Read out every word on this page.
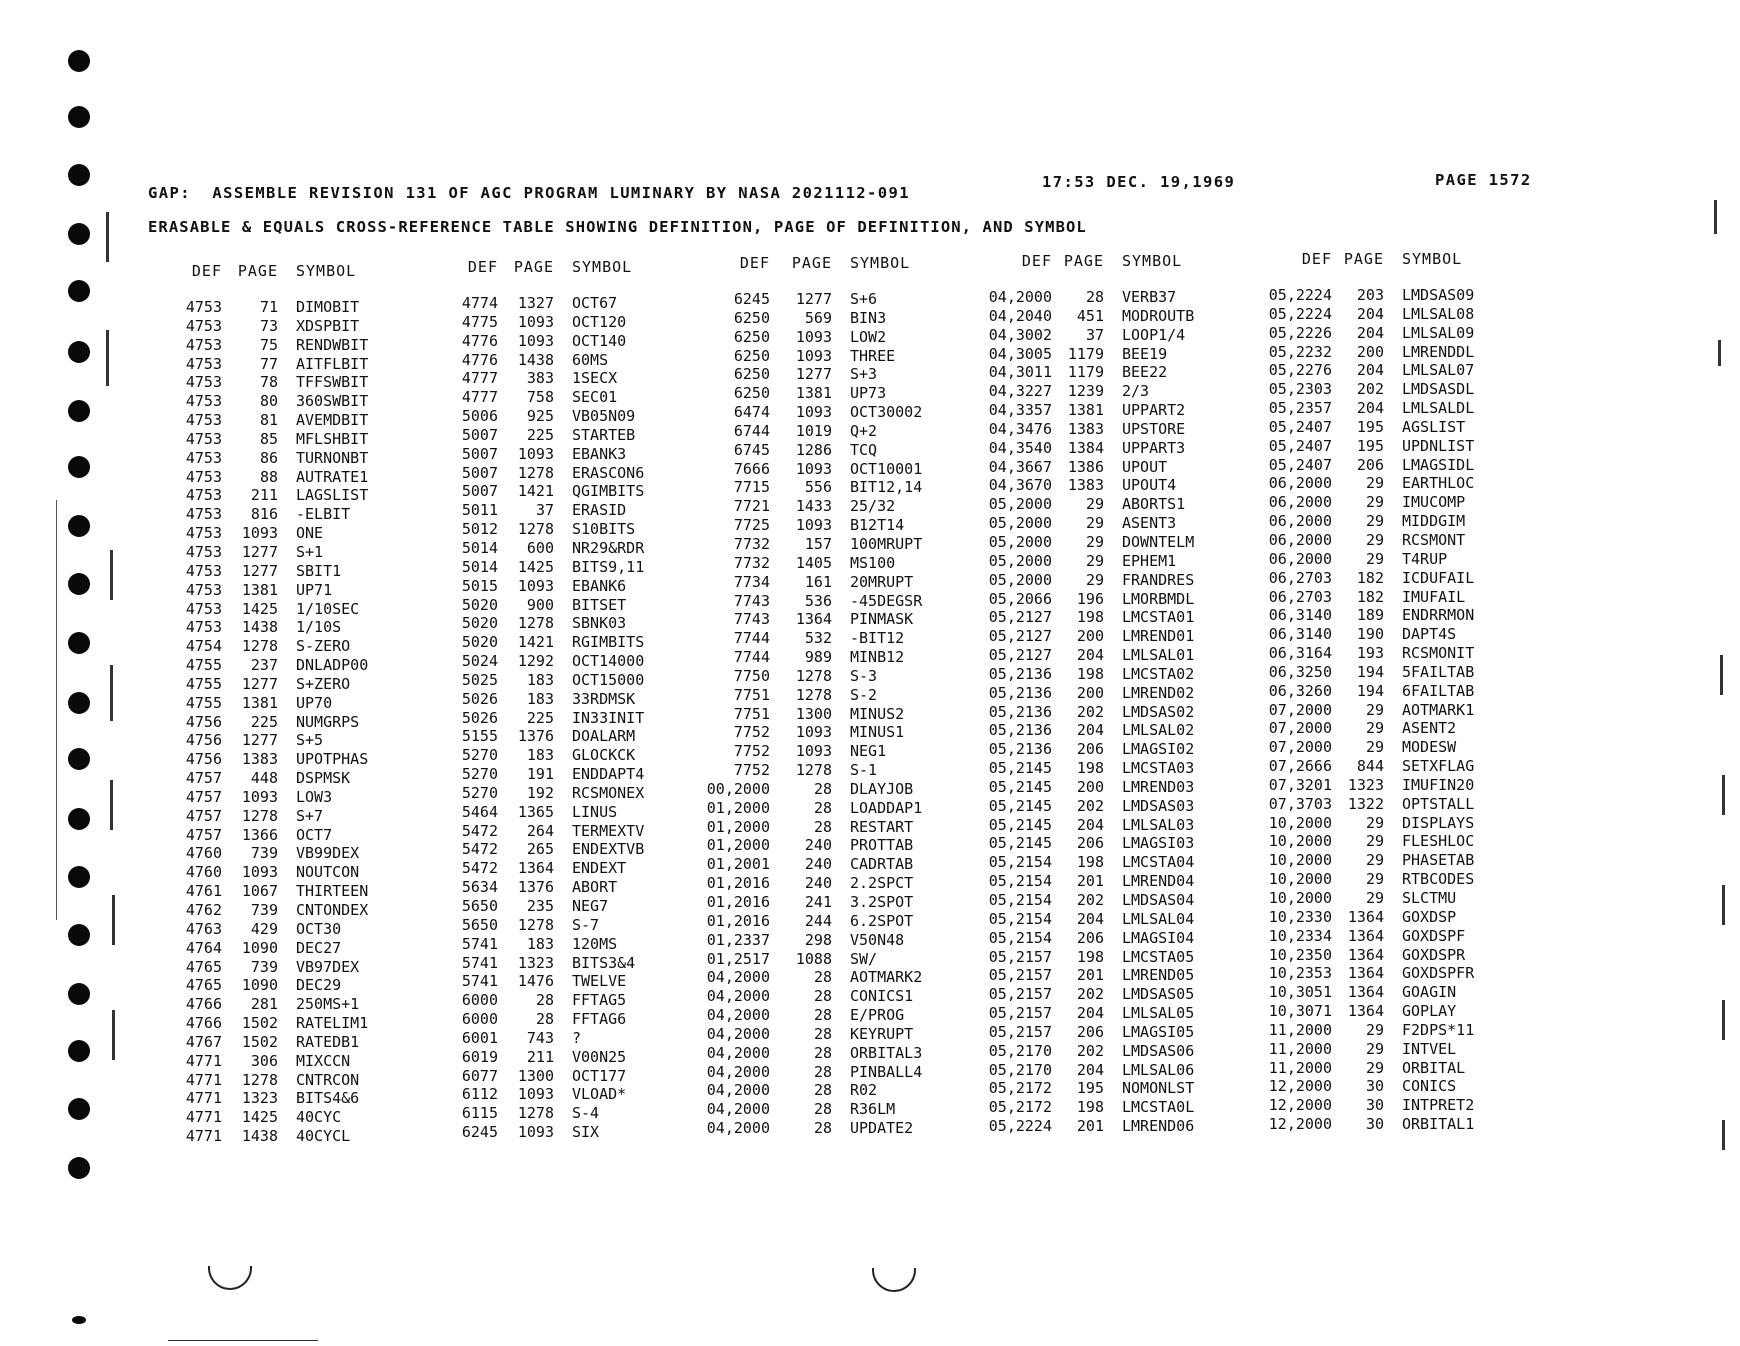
GAP:  ASSEMBLE REVISION 131 OF AGC PROGRAM LUMINARY BY NASA 2021112-091
17:53 DEC. 19,1969	PAGE 1572
ERASABLE & EQUALS CROSS-REFERENCE TABLE SHOWING DEFINITION, PAGE OF DEFINITION, AND SYMBOL
DEF	PAGE	SYMBOL
4753	71	DIMOBIT
4753	73	XDSPBIT
4753	75	RENDWBIT
4753	77	AITFLBIT
4753	78	TFFSWBIT
4753	80	360SWBIT
4753	81	AVEMDBIT
4753	85	MFLSHBIT
4753	86	TURNONBT
4753	88	AUTRATE1
4753	211	LAGSLIST
4753	816	-ELBIT
4753	1093	ONE
4753	1277	S+1
4753	1277	SBIT1
4753	1381	UP71
4753	1425	1/10SEC
4753	1438	1/10S
4754	1278	S-ZERO
4755	237	DNLADP00
4755	1277	S+ZERO
4755	1381	UP70
4756	225	NUMGRPS
4756	1277	S+5
4756	1383	UPOTPHAS
4757	448	DSPMSK
4757	1093	LOW3
4757	1278	S+7
4757	1366	OCT7
4760	739	VB99DEX
4760	1093	NOUTCON
4761	1067	THIRTEEN
4762	739	CNTONDEX
4763	429	OCT30
4764	1090	DEC27
4765	739	VB97DEX
4765	1090	DEC29
4766	281	250MS+1
4766	1502	RATELIM1
4767	1502	RATEDB1
4771	306	MIXCCN
4771	1278	CNTRCON
4771	1323	BITS4&6
4771	1425	40CYC
4771	1438	40CYCL
DEF	PAGE	SYMBOL
4774	1327	OCT67
4775	1093	OCT120
4776	1093	OCT140
4776	1438	60MS
4777	383	1SECX
4777	758	SEC01
5006	925	VB05N09
5007	225	STARTEB
5007	1093	EBANK3
5007	1278	ERASCON6
5007	1421	QGIMBITS
5011	37	ERASID
5012	1278	S10BITS
5014	600	NR29&RDR
5014	1425	BITS9,11
5015	1093	EBANK6
5020	900	BITSET
5020	1278	SBNK03
5020	1421	RGIMBITS
5024	1292	OCT14000
5025	183	OCT15000
5026	183	33RDMSK
5026	225	IN33INIT
5155	1376	DOALARM
5270	183	GLOCKCK
5270	191	ENDDAPT4
5270	192	RCSMONEX
5464	1365	LINUS
5472	264	TERMEXTV
5472	265	ENDEXTVB
5472	1364	ENDEXT
5634	1376	ABORT
5650	235	NEG7
5650	1278	S-7
5741	183	120MS
5741	1323	BITS3&4
5741	1476	TWELVE
6000	28	FFTAG5
6000	28	FFTAG6
6001	743	?
6019	211	V00N25
6077	1300	OCT177
6112	1093	VLOAD*
6115	1278	S-4
6245	1093	SIX
DEF	PAGE	SYMBOL
6245	1277	S+6
6250	569	BIN3
6250	1093	LOW2
6250	1093	THREE
6250	1277	S+3
6250	1381	UP73
6474	1093	OCT30002
6744	1019	Q+2
6745	1286	TCQ
7666	1093	OCT10001
7715	556	BIT12,14
7721	1433	25/32
7725	1093	B12T14
7732	157	100MRUPT
7732	1405	MS100
7734	161	20MRUPT
7743	536	-45DEGSR
7743	1364	PINMASK
7744	532	-BIT12
7744	989	MINB12
7750	1278	S-3
7751	1278	S-2
7751	1300	MINUS2
7752	1093	MINUS1
7752	1093	NEG1
7752	1278	S-1
00,2000	28	DLAYJOB
01,2000	28	LOADDAP1
01,2000	28	RESTART
01,2000	240	PROTTAB
01,2001	240	CADRTAB
01,2016	240	2.2SPCT
01,2016	241	3.2SPOT
01,2016	244	6.2SPOT
01,2337	298	V50N48
01,2517	1088	SW/
04,2000	28	AOTMARK2
04,2000	28	CONICS1
04,2000	28	E/PROG
04,2000	28	KEYRUPT
04,2000	28	ORBITAL3
04,2000	28	PINBALL4
04,2000	28	R02
04,2000	28	R36LM
04,2000	28	UPDATE2
DEF PAGE	SYMBOL
04,2000	28	VERB37
04,2040	451	MODROUTB
04,3002	37	LOOP1/4
04,3005	1179	BEE19
04,3011	1179	BEE22
04,3227	1239	2/3
04,3357	1381	UPPART2
04,3476	1383	UPSTORE
04,3540	1384	UPPART3
04,3667	1386	UPOUT
04,3670	1383	UPOUT4
05,2000	29	ABORTS1
05,2000	29	ASENT3
05,2000	29	DOWNTELM
05,2000	29	EPHEM1
05,2000	29	FRANDRES
05,2066	196	LMORBMDL
05,2127	198	LMCSTA01
05,2127	200	LMREND01
05,2127	204	LMLSAL01
05,2136	198	LMCSTA02
05,2136	200	LMREND02
05,2136	202	LMDSAS02
05,2136	204	LMLSAL02
05,2136	206	LMAGSI02
05,2145	198	LMCSTA03
05,2145	200	LMREND03
05,2145	202	LMDSAS03
05,2145	204	LMLSAL03
05,2145	206	LMAGSI03
05,2154	198	LMCSTA04
05,2154	201	LMREND04
05,2154	202	LMDSAS04
05,2154	204	LMLSAL04
05,2154	206	LMAGSI04
05,2157	198	LMCSTA05
05,2157	201	LMREND05
05,2157	202	LMDSAS05
05,2157	204	LMLSAL05
05,2157	206	LMAGSI05
05,2170	202	LMDSAS06
05,2170	204	LMLSAL06
05,2172	195	NOMONLST
05,2172	198	LMCSTA0L
05,2224	201	LMREND06
DEF PAGE	SYMBOL
05,2224	203	LMDSAS09
05,2224	204	LMLSAL08
05,2226	204	LMLSAL09
05,2232	200	LMRENDDL
05,2276	204	LMLSAL07
05,2303	202	LMDSASDL
05,2357	204	LMLSALDL
05,2407	195	AGSLIST
05,2407	195	UPDNLIST
05,2407	206	LMAGSIDL
06,2000	29	EARTHLOC
06,2000	29	IMUCOMP
06,2000	29	MIDDGIM
06,2000	29	RCSMONT
06,2000	29	T4RUP
06,2703	182	ICDUFAIL
06,2703	182	IMUFAIL
06,3140	189	ENDRRMON
06,3140	190	DAPT4S
06,3164	193	RCSMONIT
06,3250	194	5FAILTAB
06,3260	194	6FAILTAB
07,2000	29	AOTMARK1
07,2000	29	ASENT2
07,2000	29	MODESW
07,2666	844	SETXFLAG
07,3201	1323	IMUFIN20
07,3703	1322	OPTSTALL
10,2000	29	DISPLAYS
10,2000	29	FLESHLOC
10,2000	29	PHASETAB
10,2000	29	RTBCODES
10,2000	29	SLCTMU
10,2330	1364	GOXDSP
10,2334	1364	GOXDSPF
10,2350	1364	GOXDSPR
10,2353	1364	GOXDSPFR
10,3051	1364	GOAGIN
10,3071	1364	GOPLAY
11,2000	29	F2DPS*11
11,2000	29	INTVEL
11,2000	29	ORBITAL
12,2000	30	CONICS
12,2000	30	INTPRET2
12,2000	30	ORBITAL1
